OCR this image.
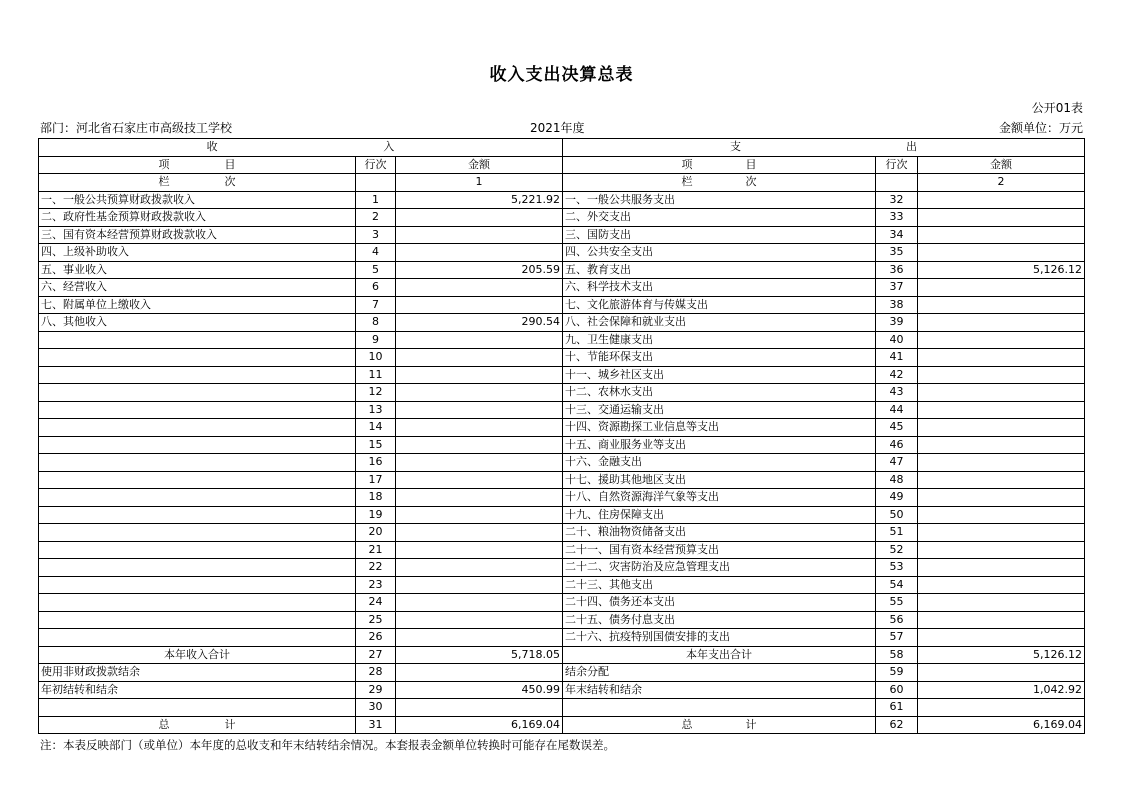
收入支出决算总表
公开01表
部门：河北省石家庄市高级技工学校	2021年度	金额单位：万元
收 入			支 出		

项 目	行次	金额	项 目	行次	金额

栏 次		1	栏 次		2
一、一般公共预算财政拨款收入	1	5,221.92	一、一般公共服务支出	32	
二、政府性基金预算财政拨款收入	2		二、外交支出	33	
三、国有资本经营预算财政拨款收入	3		三、国防支出	34	
四、上级补助收入	4		四、公共安全支出	35	
五、事业收入	5	205.59	五、教育支出	36	5,126.12
六、经营收入	6		六、科学技术支出	37	
七、附属单位上缴收入	7		七、文化旅游体育与传媒支出	38	
八、其他收入	8	290.54	八、社会保障和就业支出	39	
	9		九、卫生健康支出	40	
	10		十、节能环保支出	41	
	11		十一、城乡社区支出	42	
	12		十二、农林水支出	43	
	13		十三、交通运输支出	44	
	14		十四、资源勘探工业信息等支出	45	
	15		十五、商业服务业等支出	46	
	16		十六、金融支出	47	
	17		十七、援助其他地区支出	48	
	18		十八、自然资源海洋气象等支出	49	
	19		十九、住房保障支出	50	
	20		二十、粮油物资储备支出	51	
	21		二十一、国有资本经营预算支出	52	
	22		二十二、灾害防治及应急管理支出	53	
	23		二十三、其他支出	54	
	24		二十四、债务还本支出	55	
	25		二十五、债务付息支出	56	
	26		二十六、抗疫特别国债安排的支出	57	
本年收入合计	27	5,718.05	本年支出合计	58	5,126.12
使用非财政拨款结余	28		结余分配	59	
年初结转和结余	29	450.99	年末结转和结余	60	1,042.92
	30			61	

总 计	31	6,169.04	总 计	62	6,169.04
注：本表反映部门（或单位）本年度的总收支和年末结转结余情况。本套报表金额单位转换时可能存在尾数误差。
